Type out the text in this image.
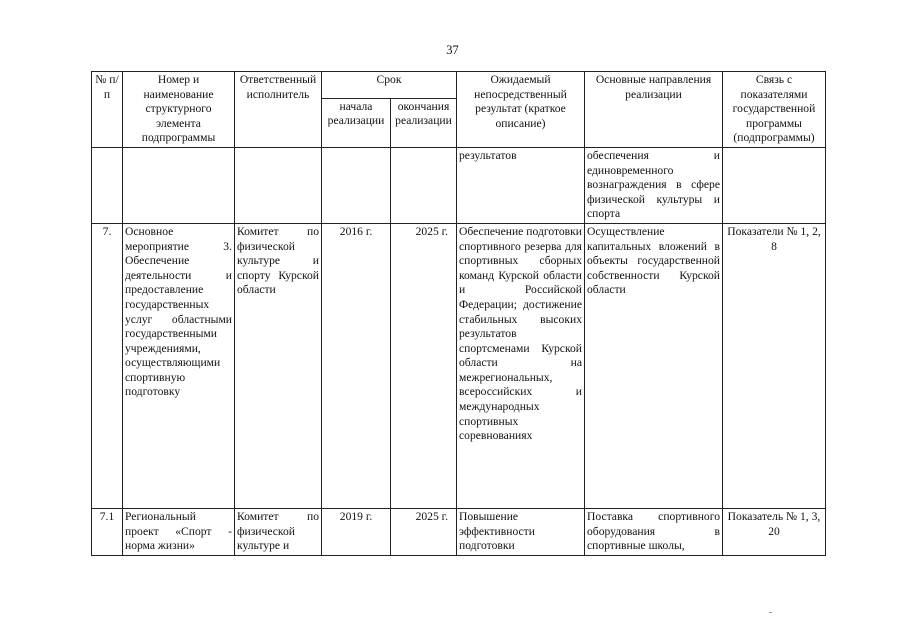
37
№ п/п	Номер и наименование структурного элемента подпрограммы	Ответственный исполнитель	Срок		Ожидаемый непосредственный результат (краткое описание)	Основные направления реализации	Связь с показателями государственной программы (подпрограммы)
			начала реализации	окончания реализации			
					результатов	обеспечения и единовременного вознаграждения в сфере физической культуры и спорта	
7.	Основное мероприятие 3. Обеспечение деятельности и предоставление государственных услуг областными государственными учреждениями, осуществляющими спортивную подготовку	Комитет по физической культуре и спорту Курской области	2016 г.	2025 г.	Обеспечение подготовки спортивного резерва для спортивных сборных команд Курской области и Российской Федерации; достижение стабильных высоких результатов спортсменами Курской области на межрегиональных, всероссийских и международных спортивных соревнованиях	Осуществление капитальных вложений в объекты государственной собственности Курской области	Показатели № 1, 2, 8
7.1	Региональный проект «Спорт - норма жизни»	Комитет по физической культуре и	2019 г.	2025 г.	Повышение эффективности подготовки	Поставка спортивного оборудования в спортивные школы,	Показатель № 1, 3, 20
